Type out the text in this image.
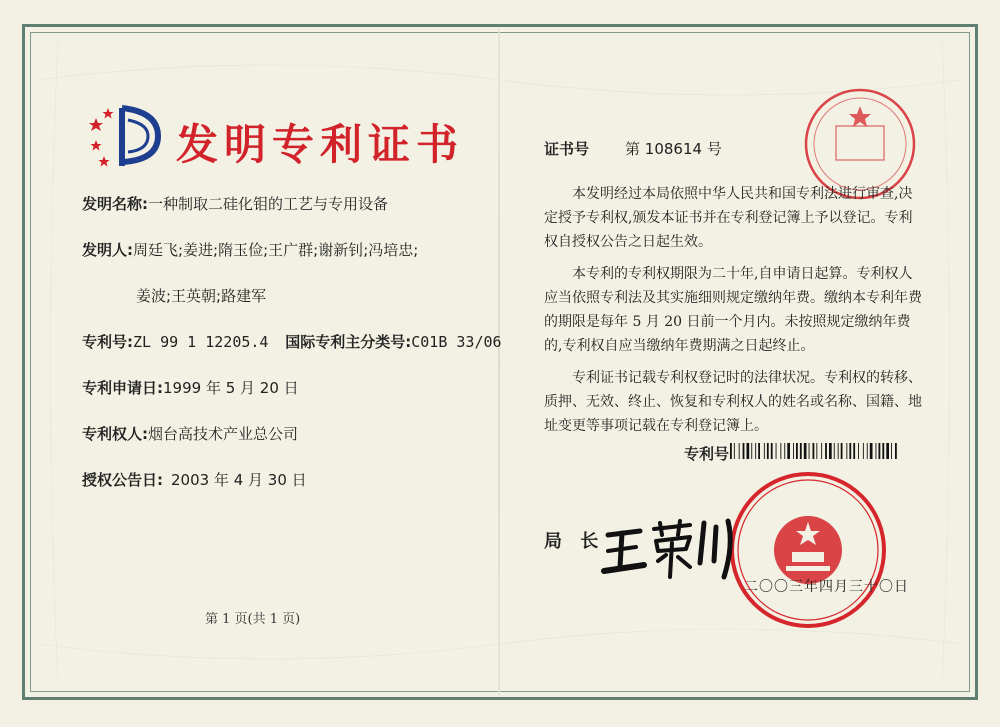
发明专利证书
发明名称:一种制取二硅化钼的工艺与专用设备
发明人:周廷飞;姜进;隋玉俭;王广群;谢新钊;冯培忠;
姜波;王英朝;路建军
专利号:ZL 99 1 12205.4 国际专利主分类号:C01B 33/06
专利申请日:1999 年 5 月 20 日
专利权人:烟台高技术产业总公司
授权公告日: 2003 年 4 月 30 日
第 1 页(共 1 页)
证书号 第 108614 号

本发明经过本局依照中华人民共和国专利法进行审查,决定授予专利权,颁发本证书并在专利登记簿上予以登记。专利权自授权公告之日起生效。

本专利的专利权期限为二十年,自申请日起算。专利权人应当依照专利法及其实施细则规定缴纳年费。缴纳本专利年费的期限是每年 5 月 20 日前一个月内。未按照规定缴纳年费的,专利权自应当缴纳年费期满之日起终止。

专利证书记载专利权登记时的法律状况。专利权的转移、质押、无效、终止、恢复和专利权人的姓名或名称、国籍、地址变更等事项记载在专利登记簿上。

专利号
局 长
二〇〇三年四月三十〇日
